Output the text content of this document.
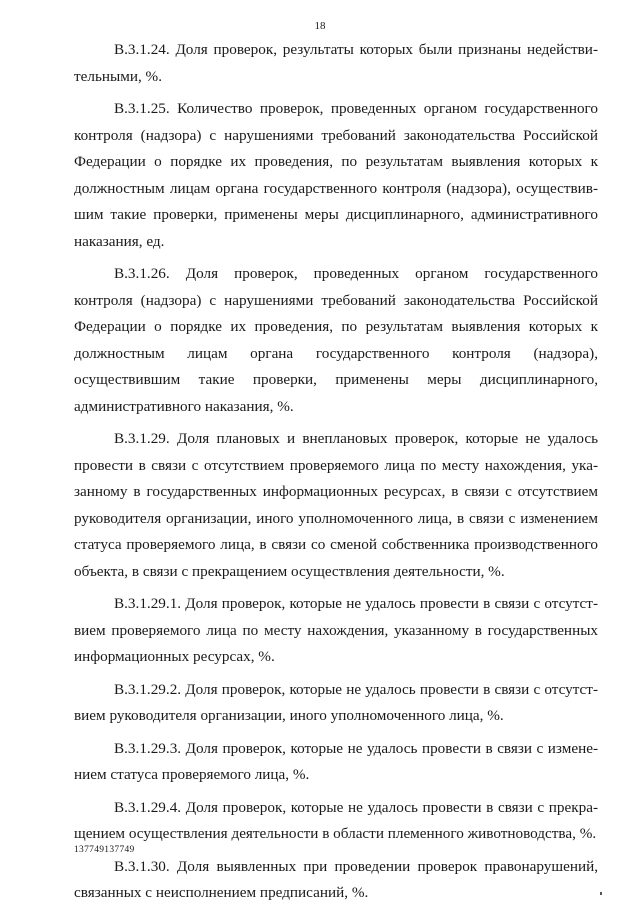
18

В.3.1.24. Доля проверок, результаты которых были признаны недействительными, %.

В.3.1.25. Количество проверок, проведенных органом государственного контроля (надзора) с нарушениями требований законодательства Российской Федерации о порядке их проведения, по результатам выявления которых к должностным лицам органа государственного контроля (надзора), осуществившим такие проверки, применены меры дисциплинарного, административного наказания, ед.

В.3.1.26. Доля проверок, проведенных органом государственного контроля (надзора) с нарушениями требований законодательства Российской Федерации о порядке их проведения, по результатам выявления которых к должностным лицам органа государственного контроля (надзора), осуществившим такие проверки, применены меры дисциплинарного, административного наказания, %.

В.3.1.29. Доля плановых и внеплановых проверок, которые не удалось провести в связи с отсутствием проверяемого лица по месту нахождения, указанному в государственных информационных ресурсах, в связи с отсутствием руководителя организации, иного уполномоченного лица, в связи с изменением статуса проверяемого лица, в связи со сменой собственника производственного объекта, в связи с прекращением осуществления деятельности, %.

В.3.1.29.1. Доля проверок, которые не удалось провести в связи с отсутствием проверяемого лица по месту нахождения, указанному в государственных информационных ресурсах, %.

В.3.1.29.2. Доля проверок, которые не удалось провести в связи с отсутствием руководителя организации, иного уполномоченного лица, %.

В.3.1.29.3. Доля проверок, которые не удалось провести в связи с изменением статуса проверяемого лица, %.

В.3.1.29.4. Доля проверок, которые не удалось провести в связи с прекращением осуществления деятельности в области племенного животноводства, %.

В.3.1.30. Доля выявленных при проведении проверок правонарушений, связанных с неисполнением предписаний, %.

137749137749
